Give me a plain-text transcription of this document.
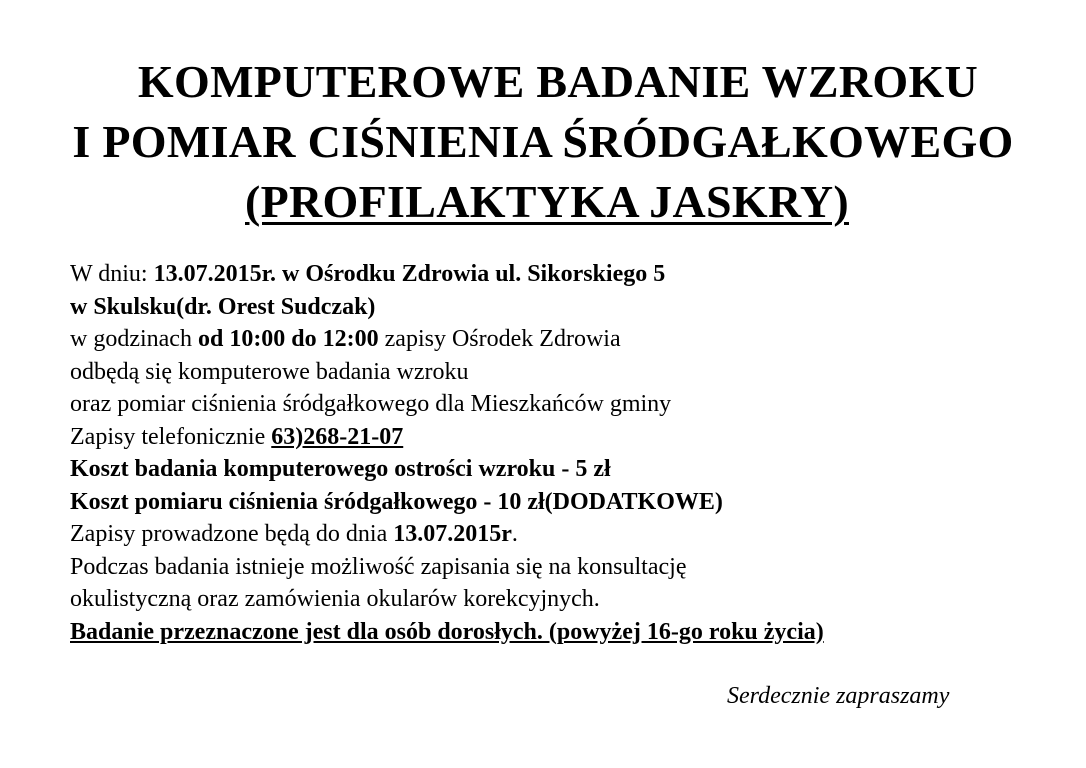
KOMPUTEROWE BADANIE WZROKU
I POMIAR CIŚNIENIA ŚRÓDGAŁKOWEGO
(PROFILAKTYKA JASKRY)
W dniu: 13.07.2015r. w Ośrodku Zdrowia ul. Sikorskiego 5
w Skulsku(dr. Orest Sudczak)
w godzinach od 10:00 do 12:00 zapisy Ośrodek Zdrowia
odbędą się komputerowe badania wzroku
oraz pomiar ciśnienia śródgałkowego dla Mieszkańców gminy
Zapisy telefonicznie 63)268-21-07
Koszt badania komputerowego ostrości wzroku - 5 zł
Koszt pomiaru ciśnienia śródgałkowego - 10 zł(DODATKOWE)
Zapisy prowadzone będą do dnia 13.07.2015r.
Podczas badania istnieje możliwość zapisania się na konsultację
okulistyczną oraz zamówienia okularów korekcyjnych.
Badanie przeznaczone jest dla osób dorosłych. (powyżej 16-go roku życia)
Serdecznie zapraszamy
